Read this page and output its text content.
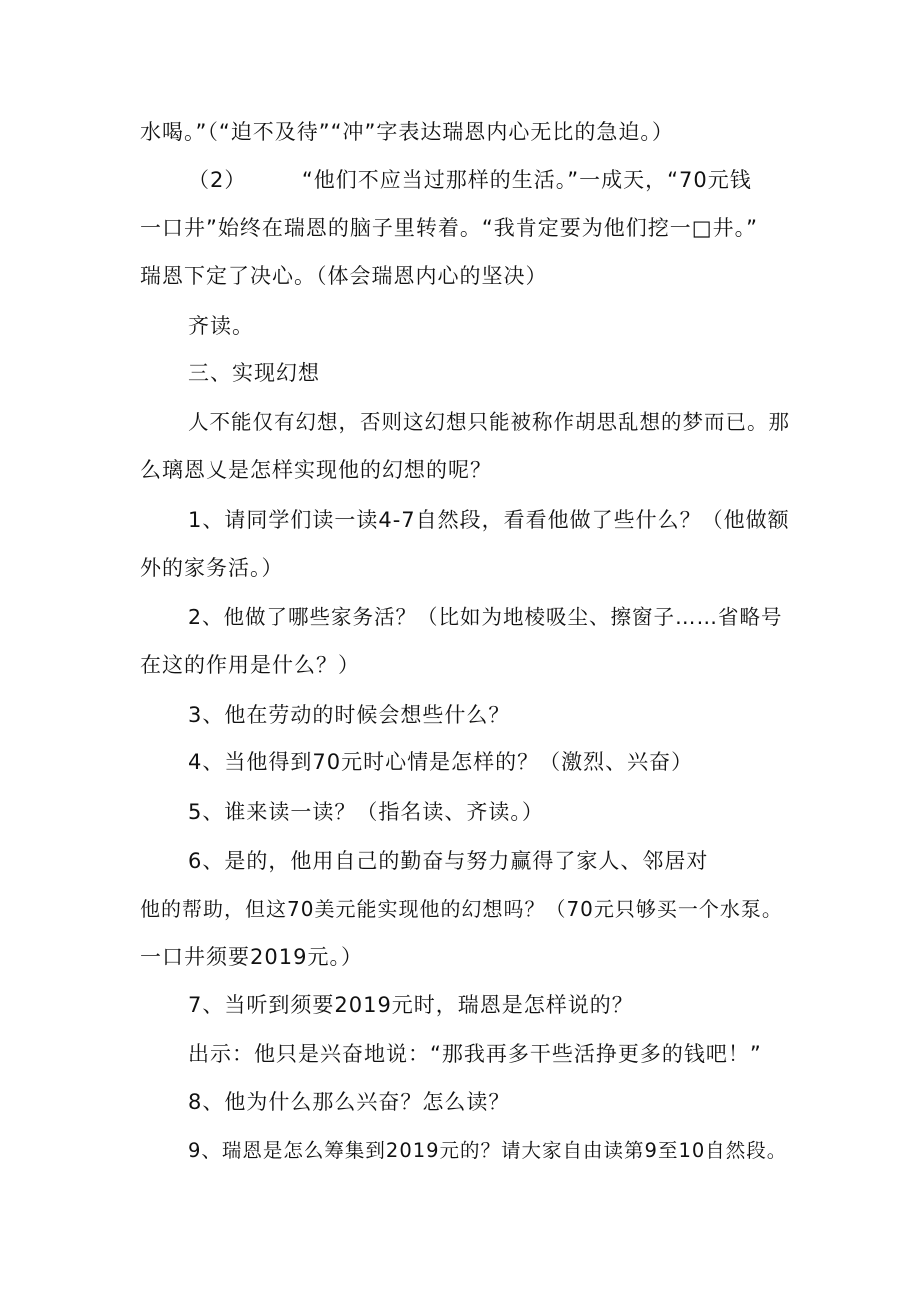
水喝。”（“迫不及待”“冲”字表达瑞恩内心无比的急迫。）
（2）　　　“他们不应当过那样的生活。”一成天，“70元钱
一口井”始终在瑞恩的脑子里转着。“我肯定要为他们挖一□井。”
瑞恩下定了决心。（体会瑞恩内心的坚决）
齐读。
三、实现幻想
人不能仅有幻想，否则这幻想只能被称作胡思乱想的梦而已。那
么璃恩乂是怎样实现他的幻想的呢？
1、请同学们读一读4-7自然段，看看他做了些什么？（他做额
外的家务活。）
2、他做了哪些家务活？（比如为地棱吸尘、擦窗子……省略号
在这的作用是什么？）
3、他在劳动的时候会想些什么？
4、当他得到70元时心情是怎样的？（激烈、兴奋）
5、谁来读一读？（指名读、齐读。）
6、是的，他用自己的勤奋与努力赢得了家人、邻居对
他的帮助，但这70美元能实现他的幻想吗？（70元只够买一个水泵。
一口井须要2019元。）
7、当听到须要2019元时，瑞恩是怎样说的？
出示：他只是兴奋地说：“那我再多干些活挣更多的钱吧！”
8、他为什么那么兴奋？怎么读？
9、瑞恩是怎么筹集到2019元的？请大家自由读第9至10自然段。
